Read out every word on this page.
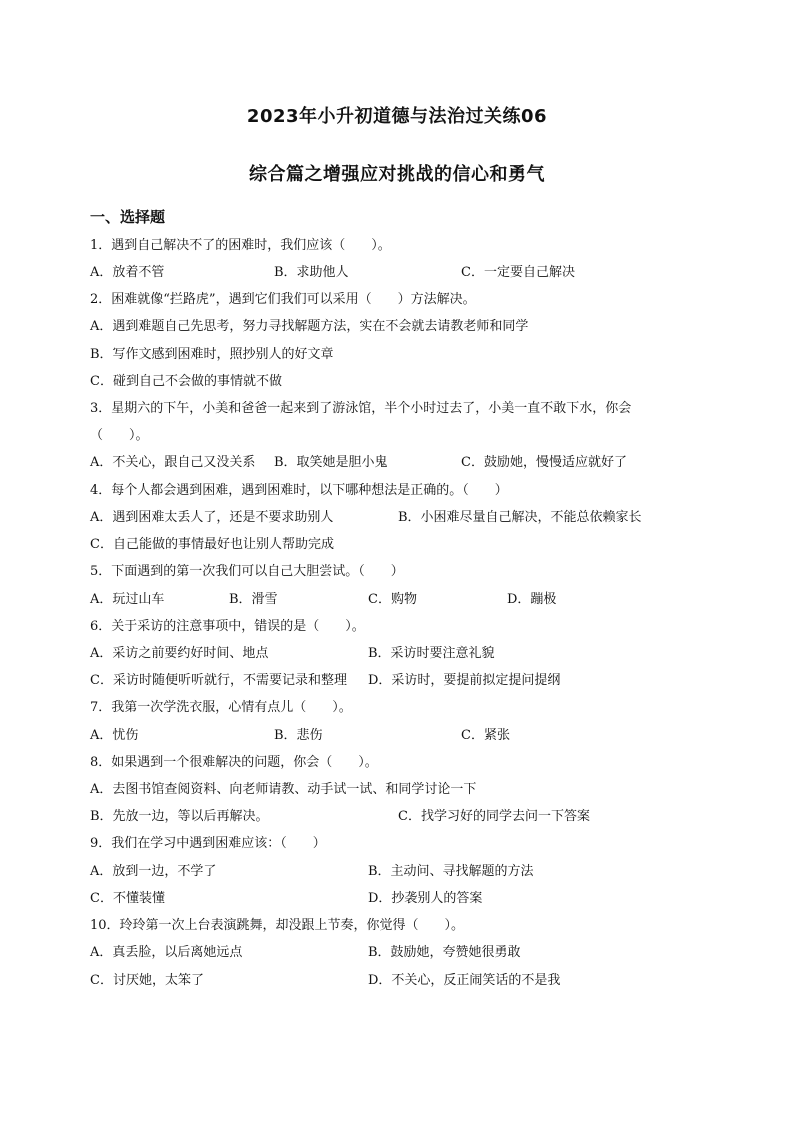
2023年小升初道德与法治过关练06
综合篇之增强应对挑战的信心和勇气
一、选择题
1．遇到自己解决不了的困难时，我们应该（　　）。
A．放着不管	B．求助他人	C．一定要自己解决
2．困难就像“拦路虎”，遇到它们我们可以采用（　　）方法解决。
A．遇到难题自己先思考，努力寻找解题方法，实在不会就去请教老师和同学
B．写作文感到困难时，照抄别人的好文章
C．碰到自己不会做的事情就不做
3．星期六的下午，小美和爸爸一起来到了游泳馆，半个小时过去了，小美一直不敢下水，你会
（　　）。
A．不关心，跟自己又没关系 B．取笑她是胆小鬼	C．鼓励她，慢慢适应就好了
4．每个人都会遇到困难，遇到困难时，以下哪种想法是正确的。（　　）
A．遇到困难太丢人了，还是不要求助别人	B．小困难尽量自己解决，不能总依赖家长
C．自己能做的事情最好也让别人帮助完成
5．下面遇到的第一次我们可以自己大胆尝试。（　　）
A．玩过山车	B．滑雪	C．购物	D．蹦极
6．关于采访的注意事项中，错误的是（　　）。
A．采访之前要约好时间、地点	B．采访时要注意礼貌
C．采访时随便听听就行，不需要记录和整理 D．采访时，要提前拟定提问提纲
7．我第一次学洗衣服，心情有点儿（　　）。
A．忧伤	B．悲伤	C．紧张
8．如果遇到一个很难解决的问题，你会（　　）。
A．去图书馆查阅资料、向老师请教、动手试一试、和同学讨论一下
B．先放一边，等以后再解决。	C．找学习好的同学去问一下答案
9．我们在学习中遇到困难应该：（　　）
A．放到一边，不学了	B．主动问、寻找解题的方法
C．不懂装懂	D．抄袭别人的答案
10．玲玲第一次上台表演跳舞，却没跟上节奏，你觉得（　　）。
A．真丢脸，以后离她远点	B．鼓励她，夸赞她很勇敢
C．讨厌她，太笨了	D．不关心，反正闹笑话的不是我
